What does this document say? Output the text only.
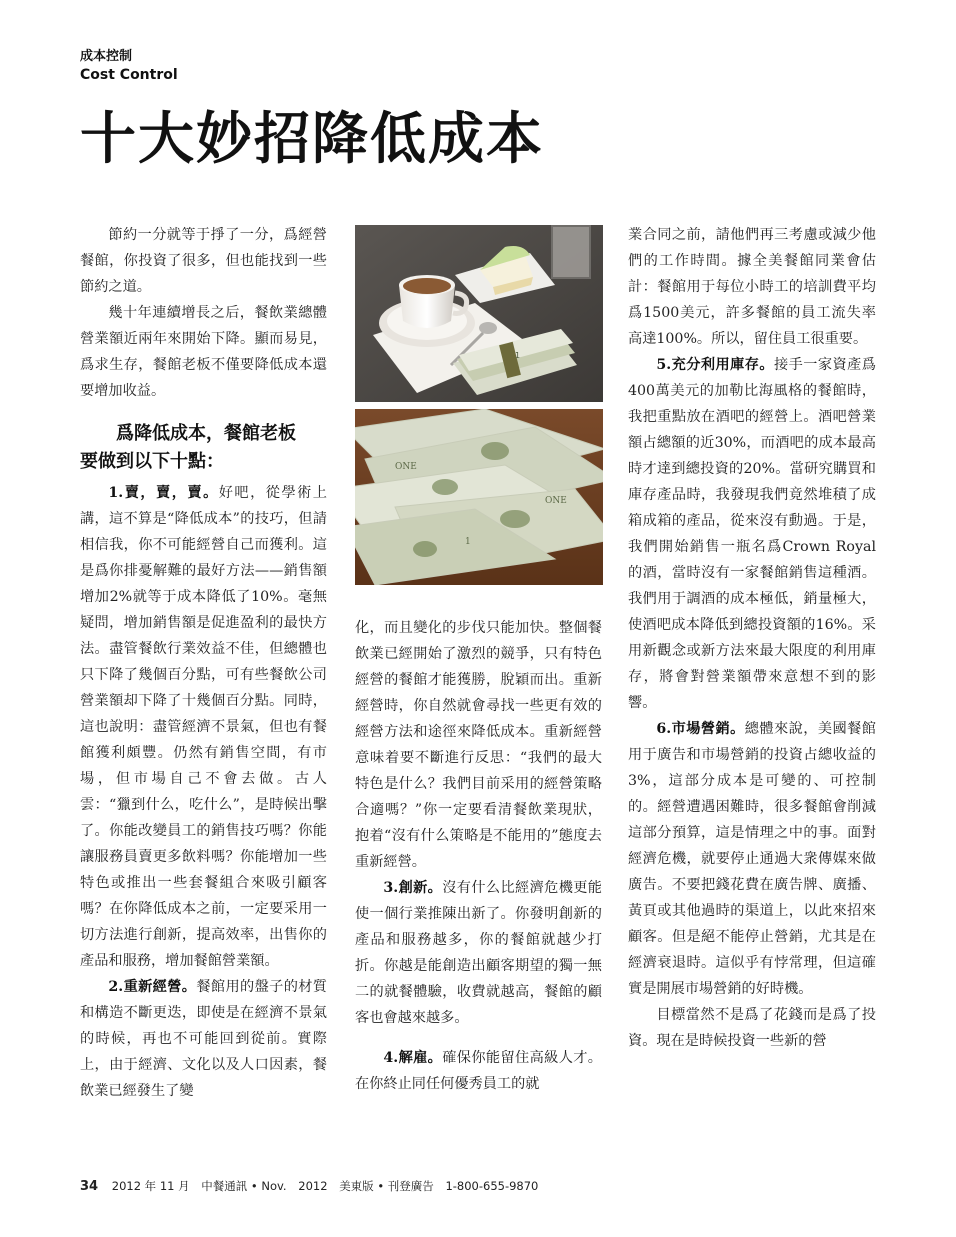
成本控制
Cost Control
十大妙招降低成本

節約一分就等于掙了一分，爲經營餐館，你投資了很多，但也能找到一些節約之道。

幾十年連續增長之后，餐飲業總體營業額近兩年來開始下降。顯而易見，爲求生存，餐館老板不僅要降低成本還要增加收益。

爲降低成本，餐館老板
要做到以下十點：

1.賣，賣，賣。好吧，從學術上講，這不算是“降低成本”的技巧，但請相信我，你不可能經營自己而獲利。這是爲你排憂解難的最好方法——銷售額增加2%就等于成本降低了10%。毫無疑問，增加銷售額是促進盈利的最快方法。盡管餐飲行業效益不佳，但總體也只下降了幾個百分點，可有些餐飲公司營業額却下降了十幾個百分點。同時，這也說明：盡管經濟不景氣，但也有餐館獲利頗豐。仍然有銷售空間，有市場，但市場自己不會去做。古人雲：“獵到什么，吃什么”，是時候出擊了。你能改變員工的銷售技巧嗎？你能讓服務員賣更多飲料嗎？你能增加一些特色或推出一些套餐組合來吸引顧客嗎？在你降低成本之前，一定要采用一切方法進行創新，提高效率，出售你的產品和服務，增加餐館營業額。

2.重新經營。餐館用的盤子的材質和構造不斷更迭，即使是在經濟不景氣的時候，再也不可能回到從前。實際上，由于經濟、文化以及人口因素，餐飲業已經發生了變

1
ONE
ONE
1

化，而且變化的步伐只能加快。整個餐飲業已經開始了激烈的競爭，只有特色經營的餐館才能獲勝，脫穎而出。重新經營時，你自然就會尋找一些更有效的經營方法和途徑來降低成本。重新經營意味着要不斷進行反思：“我們的最大特色是什么？我們目前采用的經營策略合適嗎？”你一定要看清餐飲業現狀，抱着“沒有什么策略是不能用的”態度去重新經營。

3.創新。沒有什么比經濟危機更能使一個行業推陳出新了。你發明創新的產品和服務越多，你的餐館就越少打折。你越是能創造出顧客期望的獨一無二的就餐體驗，收費就越高，餐館的顧客也會越來越多。

4.解雇。確保你能留住高級人才。在你終止同任何優秀員工的就

業合同之前，請他們再三考慮或減少他們的工作時間。據全美餐館同業會估計：餐館用于每位小時工的培訓費平均爲1500美元，許多餐館的員工流失率高達100%。所以，留住員工很重要。

5.充分利用庫存。接手一家資產爲400萬美元的加勒比海風格的餐館時，我把重點放在酒吧的經營上。酒吧營業額占總額的近30%，而酒吧的成本最高時才達到總投資的20%。當研究購買和庫存產品時，我發現我們竟然堆積了成箱成箱的產品，從來沒有動過。于是，我們開始銷售一瓶名爲Crown Royal的酒，當時沒有一家餐館銷售這種酒。我們用于調酒的成本極低，銷量極大，使酒吧成本降低到總投資額的16%。采用新觀念或新方法來最大限度的利用庫存，將會對營業額帶來意想不到的影響。

6.市場營銷。總體來說，美國餐館用于廣告和市場營銷的投資占總收益的3%，這部分成本是可變的、可控制的。經營遭遇困難時，很多餐館會削減這部分預算，這是情理之中的事。面對經濟危機，就要停止通過大衆傳媒來做廣告。不要把錢花費在廣告牌、廣播、黃頁或其他過時的渠道上，以此來招來顧客。但是絕不能停止營銷，尤其是在經濟衰退時。這似乎有悖常理，但這確實是開展市場營銷的好時機。

目標當然不是爲了花錢而是爲了投資。現在是時候投資一些新的營

34 2012 年 11 月 中餐通訊 • Nov. 2012 美東版 • 刊登廣告 1-800-655-9870
